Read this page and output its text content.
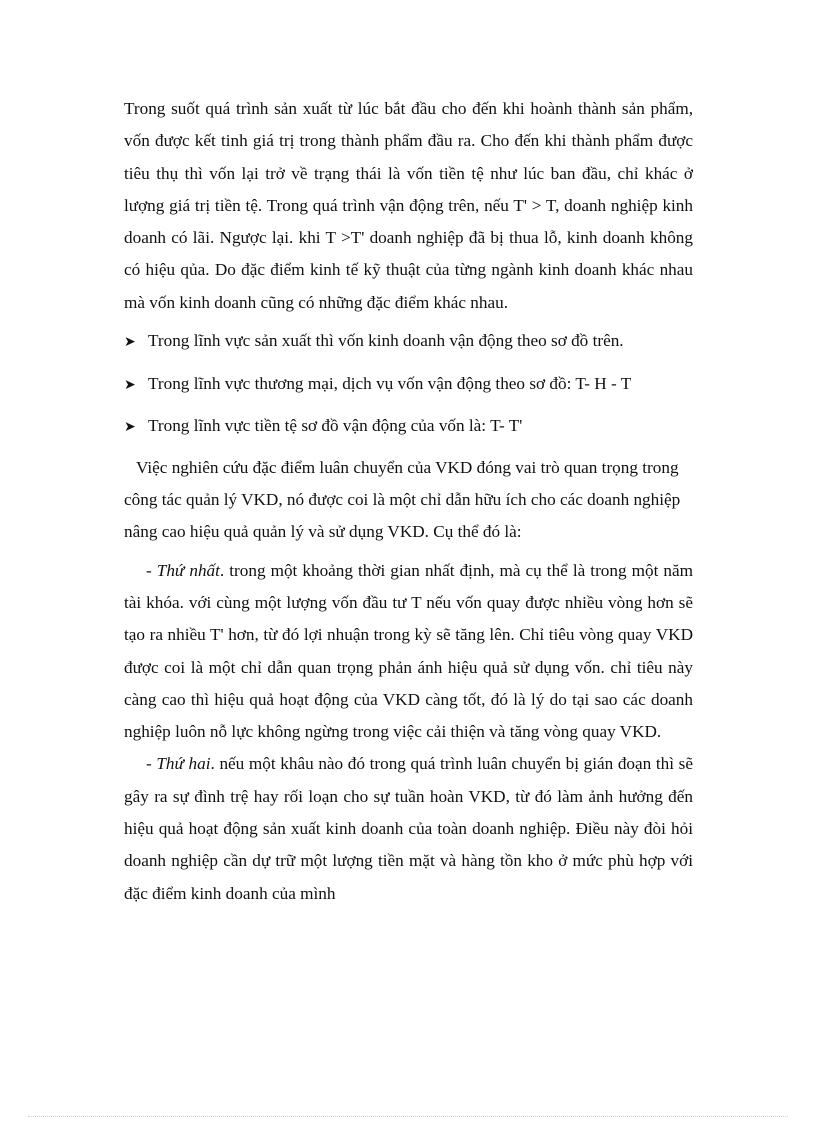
Trong suốt quá trình sản xuất từ lúc bắt đầu cho đến khi hoành thành sản phẩm, vốn được kết tinh giá trị trong thành phẩm đầu ra. Cho đến khi thành phẩm được tiêu thụ thì vốn lại trở về trạng thái là vốn tiền tệ như lúc ban đầu, chỉ khác ở lượng giá trị tiền tệ. Trong quá trình vận động trên, nếu T' > T, doanh nghiệp kinh doanh có lãi. Ngược lại. khi T >T' doanh nghiệp đã bị thua lỗ, kinh doanh không có hiệu qủa. Do đặc điểm kinh tế kỹ thuật của từng ngành kinh doanh khác nhau mà vốn kinh doanh cũng có những đặc điểm khác nhau.

➤ Trong lĩnh vực sản xuất thì vốn kinh doanh vận động theo sơ đồ trên.
➤ Trong lĩnh vực thương mại, dịch vụ vốn vận động theo sơ đồ: T- H - T
➤ Trong lĩnh vực tiền tệ sơ đồ vận động của vốn là: T- T'

Việc nghiên cứu đặc điểm luân chuyển của VKD đóng vai trò quan trọng trong công tác quản lý VKD, nó được coi là một chỉ dẫn hữu ích cho các doanh nghiệp nâng cao hiệu quả quản lý và sử dụng VKD. Cụ thể đó là:

- Thứ nhất. trong một khoảng thời gian nhất định, mà cụ thể là trong một năm tài khóa. với cùng một lượng vốn đầu tư T nếu vốn quay được nhiều vòng hơn sẽ tạo ra nhiều T' hơn, từ đó lợi nhuận trong kỳ sẽ tăng lên. Chỉ tiêu vòng quay VKD được coi là một chỉ dẫn quan trọng phản ánh hiệu quả sử dụng vốn. chỉ tiêu này càng cao thì hiệu quả hoạt động của VKD càng tốt, đó là lý do tại sao các doanh nghiệp luôn nỗ lực không ngừng trong việc cải thiện và tăng vòng quay VKD.

- Thứ hai. nếu một khâu nào đó trong quá trình luân chuyển bị gián đoạn thì sẽ gây ra sự đình trệ hay rối loạn cho sự tuần hoàn VKD, từ đó làm ảnh hưởng đến hiệu quả hoạt động sản xuất kinh doanh của toàn doanh nghiệp. Điều này đòi hỏi doanh nghiệp cần dự trữ một lượng tiền mặt và hàng tồn kho ở mức phù hợp với đặc điểm kinh doanh của mình
